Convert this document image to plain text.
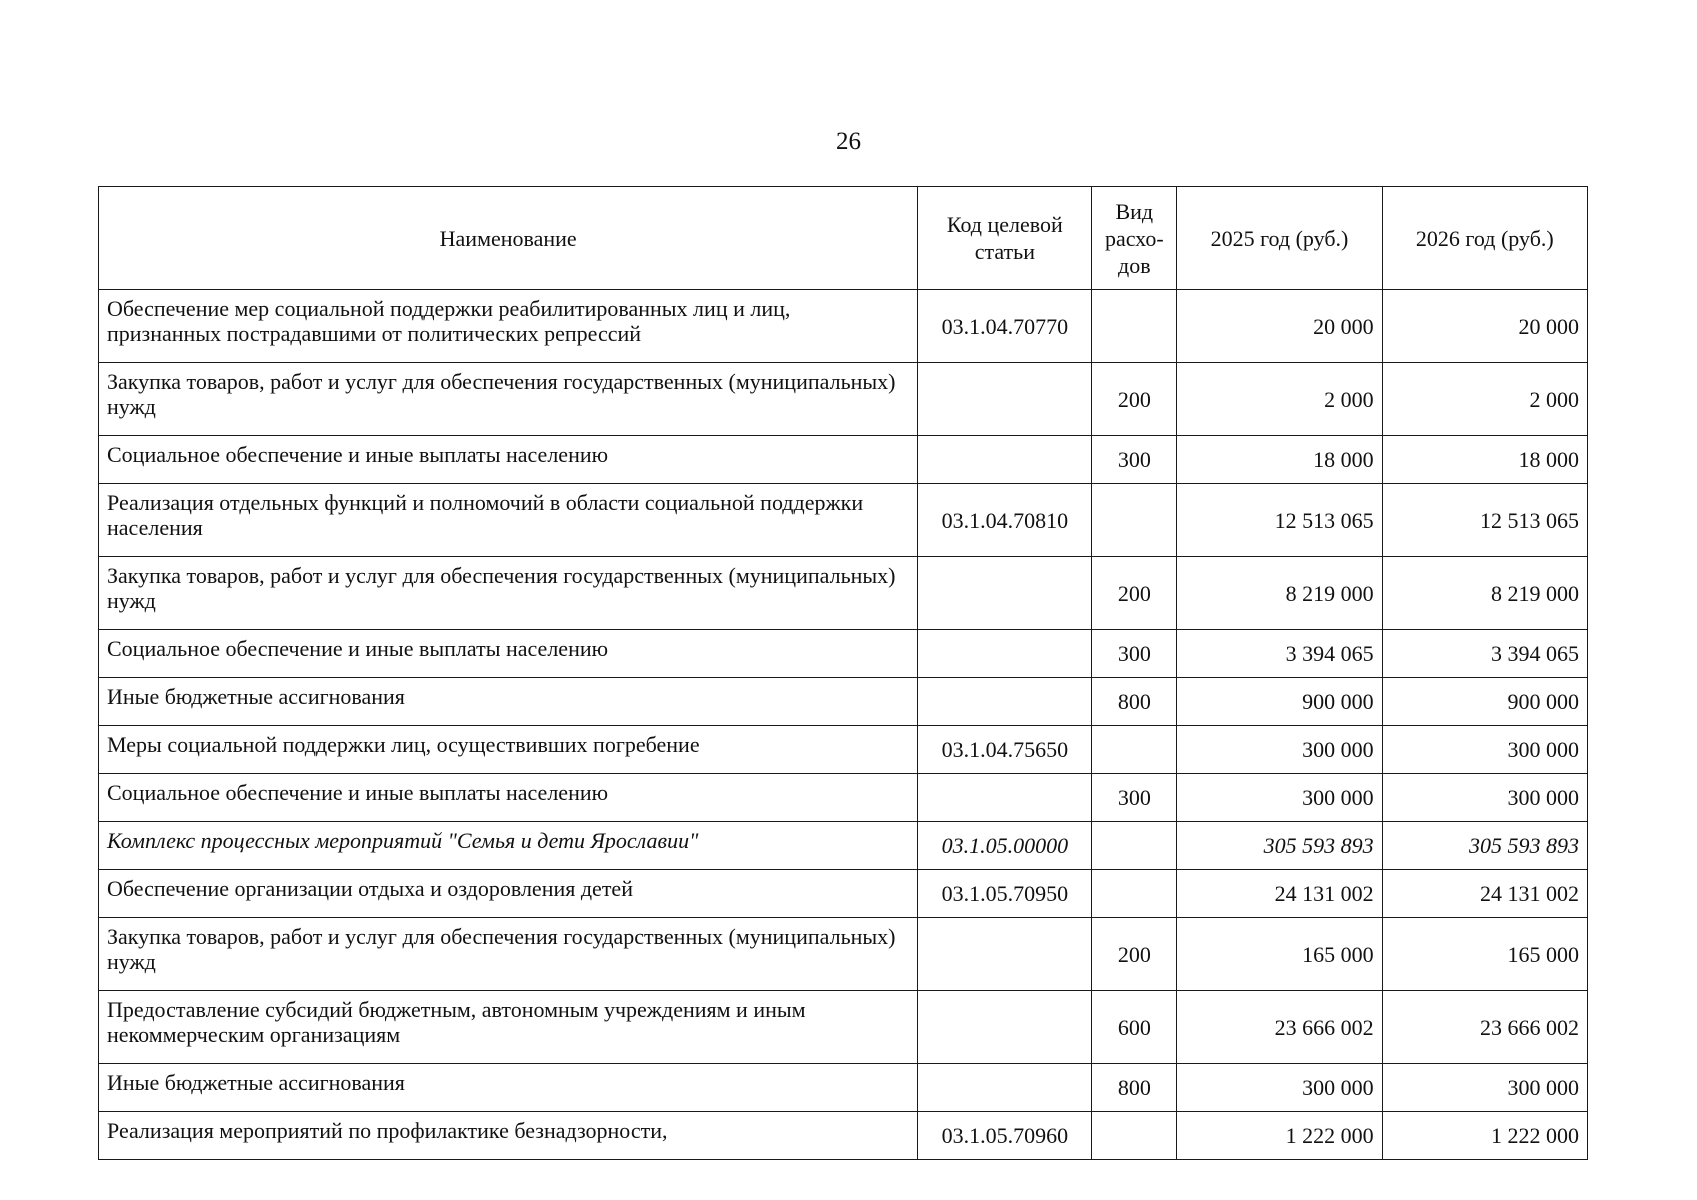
26
Наименование	Код целевой статьи	Вид расхо-дов	2025 год (руб.)	2026 год (руб.)
Обеспечение мер социальной поддержки реабилитированных лиц и лиц, признанных пострадавшими от политических репрессий	03.1.04.70770		20 000	20 000
Закупка товаров, работ и услуг для обеспечения государственных (муниципальных) нужд		200	2 000	2 000
Социальное обеспечение и иные выплаты населению		300	18 000	18 000
Реализация отдельных функций и полномочий в области социальной поддержки населения	03.1.04.70810		12 513 065	12 513 065
Закупка товаров, работ и услуг для обеспечения государственных (муниципальных) нужд		200	8 219 000	8 219 000
Социальное обеспечение и иные выплаты населению		300	3 394 065	3 394 065
Иные бюджетные ассигнования		800	900 000	900 000
Меры социальной поддержки лиц, осуществивших погребение	03.1.04.75650		300 000	300 000
Социальное обеспечение и иные выплаты населению		300	300 000	300 000
Комплекс процессных мероприятий "Семья и дети Ярославии"	03.1.05.00000		305 593 893	305 593 893
Обеспечение организации отдыха и оздоровления детей	03.1.05.70950		24 131 002	24 131 002
Закупка товаров, работ и услуг для обеспечения государственных (муниципальных) нужд		200	165 000	165 000
Предоставление субсидий бюджетным, автономным учреждениям и иным некоммерческим организациям		600	23 666 002	23 666 002
Иные бюджетные ассигнования		800	300 000	300 000
Реализация мероприятий по профилактике безнадзорности,	03.1.05.70960		1 222 000	1 222 000
